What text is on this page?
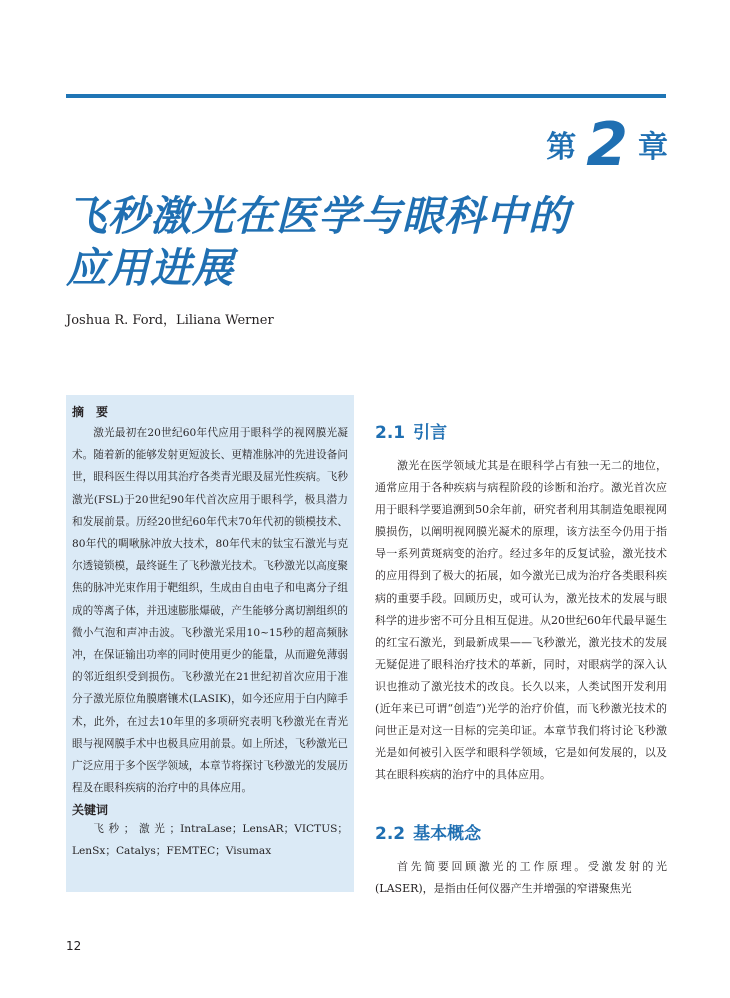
第 2 章
飞秒激光在医学与眼科中的
应用进展
Joshua R. Ford，Liliana Werner
摘　要

激光最初在20世纪60年代应用于眼科学的视网膜光凝术。随着新的能够发射更短波长、更精准脉冲的先进设备问世，眼科医生得以用其治疗各类青光眼及屈光性疾病。飞秒激光(FSL)于20世纪90年代首次应用于眼科学，极具潜力和发展前景。历经20世纪60年代末70年代初的锁模技术、80年代的啁啾脉冲放大技术，80年代末的钛宝石激光与克尔透镜锁模，最终诞生了飞秒激光技术。飞秒激光以高度聚焦的脉冲光束作用于靶组织，生成由自由电子和电离分子组成的等离子体，并迅速膨胀爆破，产生能够分离切割组织的微小气泡和声冲击波。飞秒激光采用10~15秒的超高频脉冲，在保证输出功率的同时使用更少的能量，从而避免薄弱的邻近组织受到损伤。飞秒激光在21世纪初首次应用于准分子激光原位角膜磨镶术(LASIK)，如今还应用于白内障手术，此外，在过去10年里的多项研究表明飞秒激光在青光眼与视网膜手术中也极具应用前景。如上所述，飞秒激光已广泛应用于多个医学领域，本章节将探讨飞秒激光的发展历程及在眼科疾病的治疗中的具体应用。

关键词

飞秒；激光；IntraLase；LensAR；VICTUS；LenSx；Catalys；FEMTEC；Visumax

2.1 引言

激光在医学领域尤其是在眼科学占有独一无二的地位，通常应用于各种疾病与病程阶段的诊断和治疗。激光首次应用于眼科学要追溯到50余年前，研究者利用其制造兔眼视网膜损伤，以阐明视网膜光凝术的原理，该方法至今仍用于指导一系列黄斑病变的治疗。经过多年的反复试验，激光技术的应用得到了极大的拓展，如今激光已成为治疗各类眼科疾病的重要手段。回顾历史，或可认为，激光技术的发展与眼科学的进步密不可分且相互促进。从20世纪60年代最早诞生的红宝石激光，到最新成果——飞秒激光，激光技术的发展无疑促进了眼科治疗技术的革新，同时，对眼病学的深入认识也推动了激光技术的改良。长久以来，人类试图开发利用(近年来已可谓“创造”)光学的治疗价值，而飞秒激光技术的问世正是对这一目标的完美印证。本章节我们将讨论飞秒激光是如何被引入医学和眼科学领域，它是如何发展的，以及其在眼科疾病的治疗中的具体应用。

2.2 基本概念

首先简要回顾激光的工作原理。受激发射的光(LASER)，是指由任何仪器产生并增强的窄谱聚焦光

12
